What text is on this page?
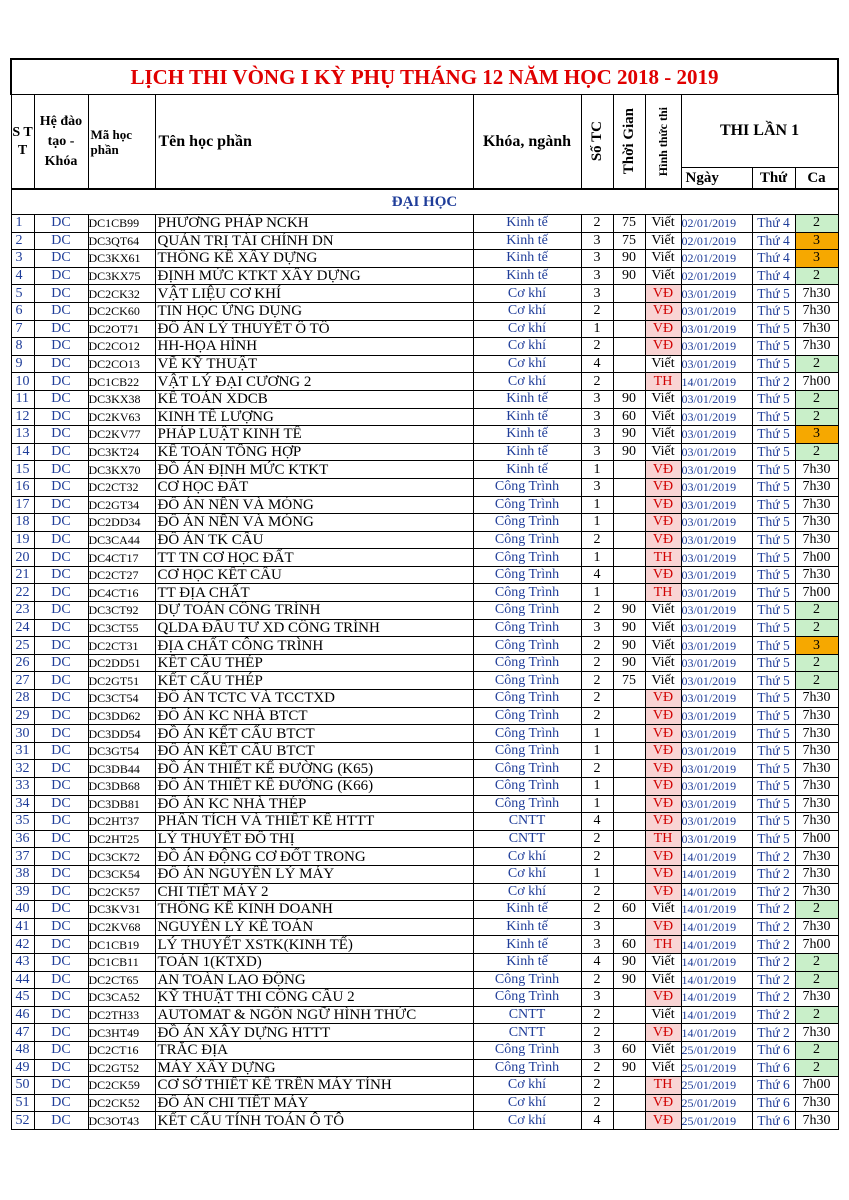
LỊCH THI VÒNG I KỲ PHỤ THÁNG 12 NĂM HỌC 2018 - 2019										
S T T	Hệ đào tạo - Khóa	Mã học phần	Tên học phần	Khóa, ngành	Số TC	Thời Gian	Hình thức thi	THI LẦN 1		
								Ngày	Thứ	Ca
ĐẠI HỌC										
1	DC	DC1CB99	PHƯƠNG PHÁP NCKH	Kinh tế	2	75	Viết	02/01/2019	Thứ 4	2
2	DC	DC3QT64	QUẢN TRỊ TÀI CHÍNH DN	Kinh tế	3	75	Viết	02/01/2019	Thứ 4	3
3	DC	DC3KX61	THỐNG KÊ XÂY DỰNG	Kinh tế	3	90	Viết	02/01/2019	Thứ 4	3
4	DC	DC3KX75	ĐỊNH MỨC KTKT XÂY DỰNG	Kinh tế	3	90	Viết	02/01/2019	Thứ 4	2
5	DC	DC2CK32	VẬT LIỆU CƠ KHÍ	Cơ khí	3		VĐ	03/01/2019	Thứ 5	7h30
6	DC	DC2CK60	TIN HỌC ỨNG DỤNG	Cơ khí	2		VĐ	03/01/2019	Thứ 5	7h30
7	DC	DC2OT71	ĐỒ ÁN LÝ THUYẾT Ô TÔ	Cơ khí	1		VĐ	03/01/2019	Thứ 5	7h30
8	DC	DC2CO12	HH-HỌA HÌNH	Cơ khí	2		VĐ	03/01/2019	Thứ 5	7h30
9	DC	DC2CO13	VẼ KỸ THUẬT	Cơ khí	4		Viết	03/01/2019	Thứ 5	2
10	DC	DC1CB22	VẬT LÝ ĐẠI CƯƠNG 2	Cơ khí	2		TH	14/01/2019	Thứ 2	7h00
11	DC	DC3KX38	KẾ TOÁN XDCB	Kinh tế	3	90	Viết	03/01/2019	Thứ 5	2
12	DC	DC2KV63	KINH TẾ LƯỢNG	Kinh tế	3	60	Viết	03/01/2019	Thứ 5	2
13	DC	DC2KV77	PHÁP LUẬT KINH TẾ	Kinh tế	3	90	Viết	03/01/2019	Thứ 5	3
14	DC	DC3KT24	KẾ TOÁN TỔNG HỢP	Kinh tế	3	90	Viết	03/01/2019	Thứ 5	2
15	DC	DC3KX70	ĐỒ ÁN ĐỊNH MỨC KTKT	Kinh tế	1		VĐ	03/01/2019	Thứ 5	7h30
16	DC	DC2CT32	CƠ HỌC ĐẤT	Công Trình	3		VĐ	03/01/2019	Thứ 5	7h30
17	DC	DC2GT34	ĐỒ ÁN NỀN VÀ MÓNG	Công Trình	1		VĐ	03/01/2019	Thứ 5	7h30
18	DC	DC2DD34	ĐỒ ÁN NỀN VÀ MÓNG	Công Trình	1		VĐ	03/01/2019	Thứ 5	7h30
19	DC	DC3CA44	ĐỒ ÁN TK CẦU	Công Trình	2		VĐ	03/01/2019	Thứ 5	7h30
20	DC	DC4CT17	TT TN CƠ HỌC ĐẤT	Công Trình	1		TH	03/01/2019	Thứ 5	7h00
21	DC	DC2CT27	CƠ HỌC KẾT CẤU	Công Trình	4		VĐ	03/01/2019	Thứ 5	7h30
22	DC	DC4CT16	TT ĐỊA CHẤT	Công Trình	1		TH	03/01/2019	Thứ 5	7h00
23	DC	DC3CT92	DỰ TOÁN CÔNG TRÌNH	Công Trình	2	90	Viết	03/01/2019	Thứ 5	2
24	DC	DC3CT55	QLDA ĐẦU TƯ XD CÔNG TRÌNH	Công Trình	3	90	Viết	03/01/2019	Thứ 5	2
25	DC	DC2CT31	ĐỊA CHẤT CÔNG TRÌNH	Công Trình	2	90	Viết	03/01/2019	Thứ 5	3
26	DC	DC2DD51	KẾT CẤU THÉP	Công Trình	2	90	Viết	03/01/2019	Thứ 5	2
27	DC	DC2GT51	KẾT CẤU THÉP	Công Trình	2	75	Viết	03/01/2019	Thứ 5	2
28	DC	DC3CT54	ĐỒ ÁN TCTC VÀ TCCTXD	Công Trình	2		VĐ	03/01/2019	Thứ 5	7h30
29	DC	DC3DD62	ĐỒ ÁN KC NHÀ BTCT	Công Trình	2		VĐ	03/01/2019	Thứ 5	7h30
30	DC	DC3DD54	ĐỒ ÁN KẾT CẤU BTCT	Công Trình	1		VĐ	03/01/2019	Thứ 5	7h30
31	DC	DC3GT54	ĐỒ ÁN KẾT CẤU BTCT	Công Trình	1		VĐ	03/01/2019	Thứ 5	7h30
32	DC	DC3DB44	ĐỒ ÁN THIẾT KẾ ĐƯỜNG (K65)	Công Trình	2		VĐ	03/01/2019	Thứ 5	7h30
33	DC	DC3DB68	ĐỒ ÁN THIẾT KẾ ĐƯỜNG (K66)	Công Trình	1		VĐ	03/01/2019	Thứ 5	7h30
34	DC	DC3DB81	ĐỒ ÁN KC NHÀ THÉP	Công Trình	1		VĐ	03/01/2019	Thứ 5	7h30
35	DC	DC2HT37	PHÂN TÍCH VÀ THIẾT KẾ HTTT	CNTT	4		VĐ	03/01/2019	Thứ 5	7h30
36	DC	DC2HT25	LÝ THUYẾT ĐỒ THỊ	CNTT	2		TH	03/01/2019	Thứ 5	7h00
37	DC	DC3CK72	ĐỒ ÁN ĐỘNG CƠ ĐỐT TRONG	Cơ khí	2		VĐ	14/01/2019	Thứ 2	7h30
38	DC	DC3CK54	ĐỒ ÁN NGUYÊN LÝ MÁY	Cơ khí	1		VĐ	14/01/2019	Thứ 2	7h30
39	DC	DC2CK57	CHI TIẾT MÁY 2	Cơ khí	2		VĐ	14/01/2019	Thứ 2	7h30
40	DC	DC3KV31	THỐNG KÊ KINH DOANH	Kinh tế	2	60	Viết	14/01/2019	Thứ 2	2
41	DC	DC2KV68	NGUYÊN LÝ KẾ TOÁN	Kinh tế	3		VĐ	14/01/2019	Thứ 2	7h30
42	DC	DC1CB19	LÝ THUYẾT XSTK(KINH TẾ)	Kinh tế	3	60	TH	14/01/2019	Thứ 2	7h00
43	DC	DC1CB11	TOÁN 1(KTXD)	Kinh tế	4	90	Viết	14/01/2019	Thứ 2	2
44	DC	DC2CT65	AN TOÀN LAO ĐỘNG	Công Trình	2	90	Viết	14/01/2019	Thứ 2	2
45	DC	DC3CA52	KỸ THUẬT THI CÔNG CẦU 2	Công Trình	3		VĐ	14/01/2019	Thứ 2	7h30
46	DC	DC2TH33	AUTOMAT & NGÔN NGỮ HÌNH THỨC	CNTT	2		Viết	14/01/2019	Thứ 2	2
47	DC	DC3HT49	ĐỒ ÁN XÂY DỰNG HTTT	CNTT	2		VĐ	14/01/2019	Thứ 2	7h30
48	DC	DC2CT16	TRẮC ĐỊA	Công Trình	3	60	Viết	25/01/2019	Thứ 6	2
49	DC	DC2GT52	MÁY XÂY DỰNG	Công Trình	2	90	Viết	25/01/2019	Thứ 6	2
50	DC	DC2CK59	CƠ SỞ THIẾT KẾ TRÊN MÁY TÍNH	Cơ khí	2		TH	25/01/2019	Thứ 6	7h00
51	DC	DC2CK52	ĐỒ ÁN CHI TIẾT MÁY	Cơ khí	2		VĐ	25/01/2019	Thứ 6	7h30
52	DC	DC3OT43	KẾT CẤU TÍNH TOÁN Ô TÔ	Cơ khí	4		VĐ	25/01/2019	Thứ 6	7h30
